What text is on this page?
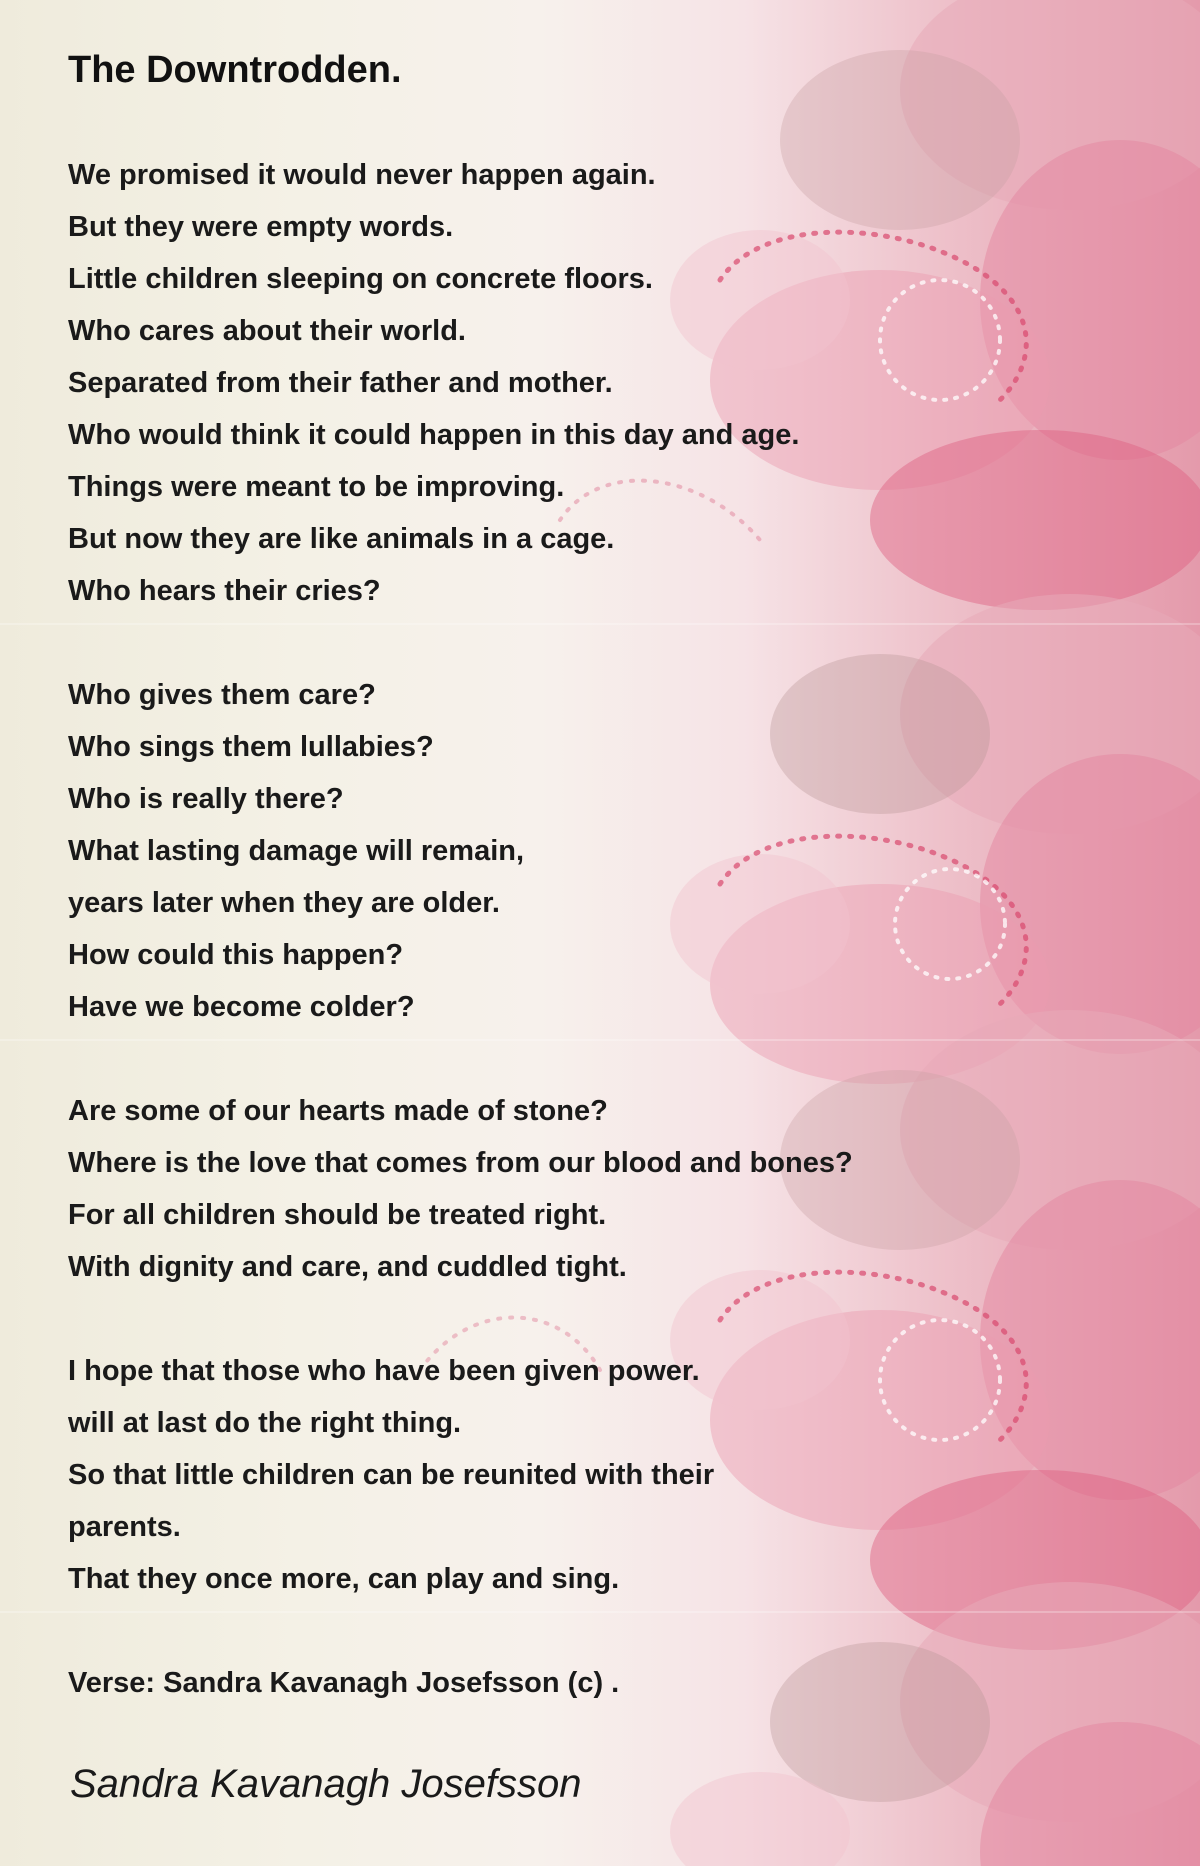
The Downtrodden.
We promised it would never happen again.
But they were empty words.
Little children sleeping on concrete floors.
Who cares about their world.
Separated from their father and mother.
Who would think it could happen in this day and age.
Things were meant to be improving.
But now they are like animals in a cage.
Who hears their cries?
Who gives them care?
Who sings them lullabies?
Who is really there?
What lasting damage will remain,
years later when they are older.
How could this happen?
Have we become colder?
Are some of our hearts made of stone?
Where is the love that comes from our blood and bones?
For all children should be treated right.
With dignity and care, and cuddled tight.
I hope that those who have been given power.
will at last do the right thing.
So that little children can be reunited with their
parents.
That they once more, can play and sing.
Verse: Sandra Kavanagh Josefsson (c) .
Sandra Kavanagh Josefsson
